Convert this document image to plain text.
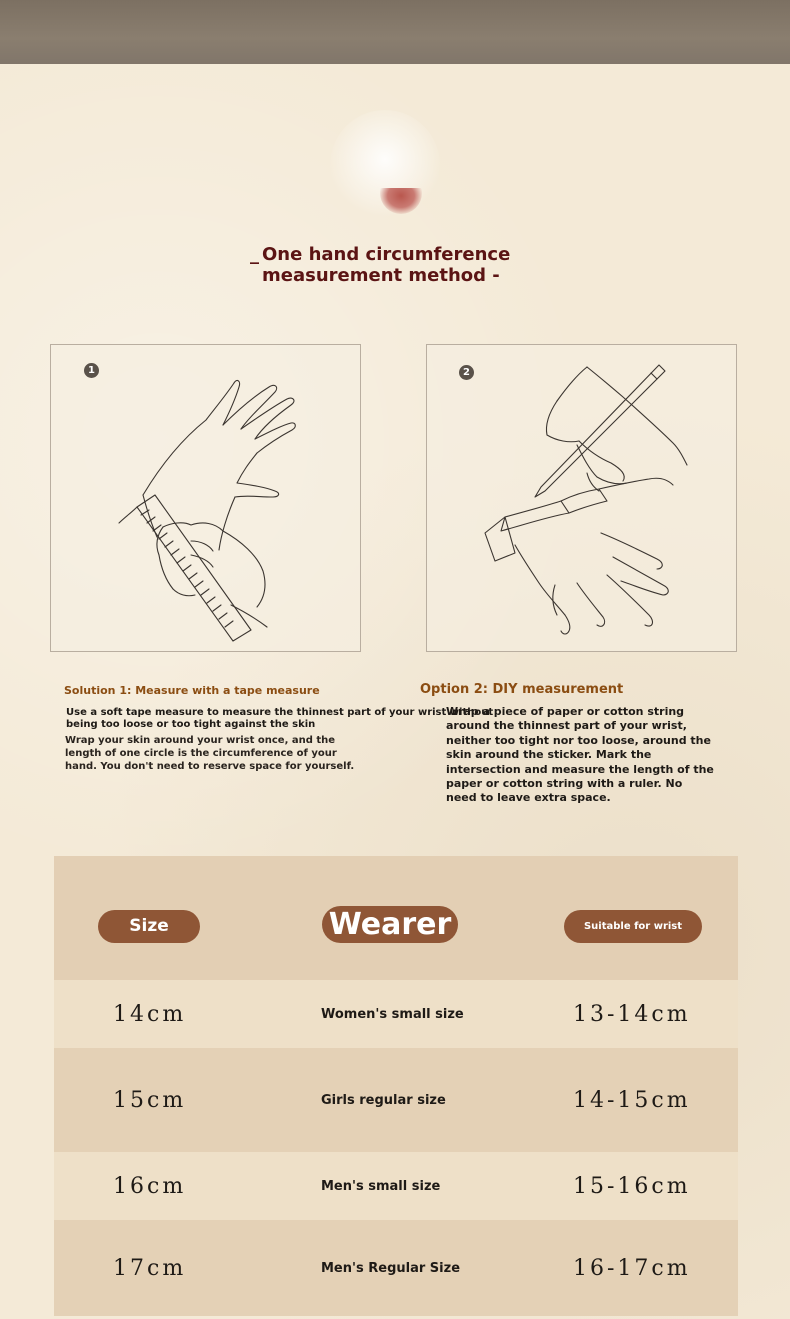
_ One hand circumference
measurement method -
1	2
Solution 1: Measure with a tape measure
Use a soft tape measure to measure the thinnest part of your wrist without being too loose or too tight against the skin
Wrap your skin around your wrist once, and the length of one circle is the circumference of your hand. You don't need to reserve space for yourself.
Option 2: DIY measurement
Wrap a piece of paper or cotton string around the thinnest part of your wrist, neither too tight nor too loose, around the skin around the sticker. Mark the intersection and measure the length of the paper or cotton string with a ruler. No need to leave extra space.
Size	Wearer	Suitable for wrist
14cm	Women's small size	13-14cm
15cm	Girls regular size	14-15cm
16cm	Men's small size	15-16cm
17cm	Men's Regular Size	16-17cm
